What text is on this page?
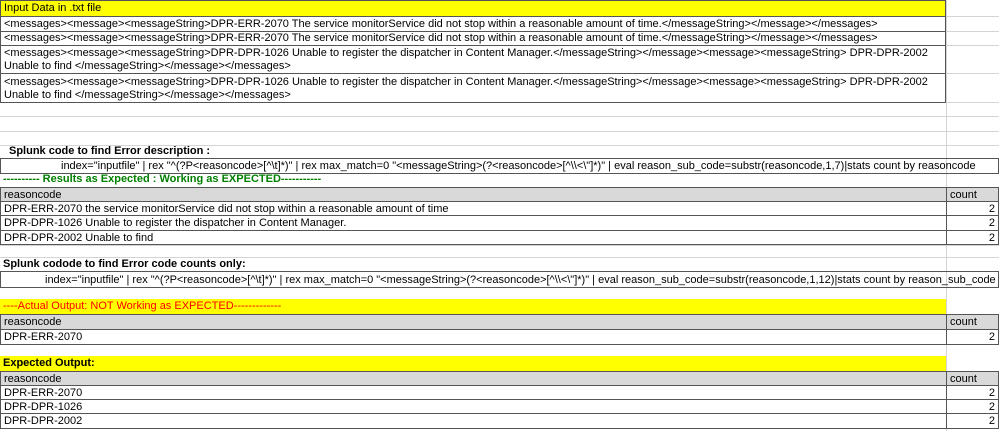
Input Data in .txt file
<messages><message><messageString>DPR-ERR-2070 The service monitorService did not stop within a reasonable amount of time.</messageString></message></messages>
<messages><message><messageString>DPR-ERR-2070 The service monitorService did not stop within a reasonable amount of time.</messageString></message></messages>
<messages><message><messageString>DPR-DPR-1026 Unable to register the dispatcher in Content Manager.</messageString></message><message><messageString> DPR-DPR-2002 Unable to find </messageString></message></messages>
<messages><message><messageString>DPR-DPR-1026 Unable to register the dispatcher in Content Manager.</messageString></message><message><messageString> DPR-DPR-2002 Unable to find </messageString></message></messages>
Splunk code to find Error description :
index="inputfile" | rex "^(?P<reasoncode>[^\t]*)" | rex max_match=0 "<messageString>(?<reasoncode>[^\\<\"]*)" | eval reason_sub_code=substr(reasoncode,1,7)|stats count by reasoncode
---------- Results as Expected : Working as EXPECTED-----------
reasoncode	count
DPR-ERR-2070 the service monitorService did not stop within a reasonable amount of time	2
DPR-DPR-1026 Unable to register the dispatcher in Content Manager.	2
DPR-DPR-2002 Unable to find	2
Splunk codode to find Error code counts only:
index="inputfile" | rex "^(?P<reasoncode>[^\t]*)" | rex max_match=0 "<messageString>(?<reasoncode>[^\\<\"]*)" | eval reason_sub_code=substr(reasoncode,1,12)|stats count by reason_sub_code
----Actual Output: NOT Working as EXPECTED-------------
reasoncode	count
DPR-ERR-2070	2
Expected Output:
reasoncode	count
DPR-ERR-2070	2
DPR-DPR-1026	2
DPR-DPR-2002	2
